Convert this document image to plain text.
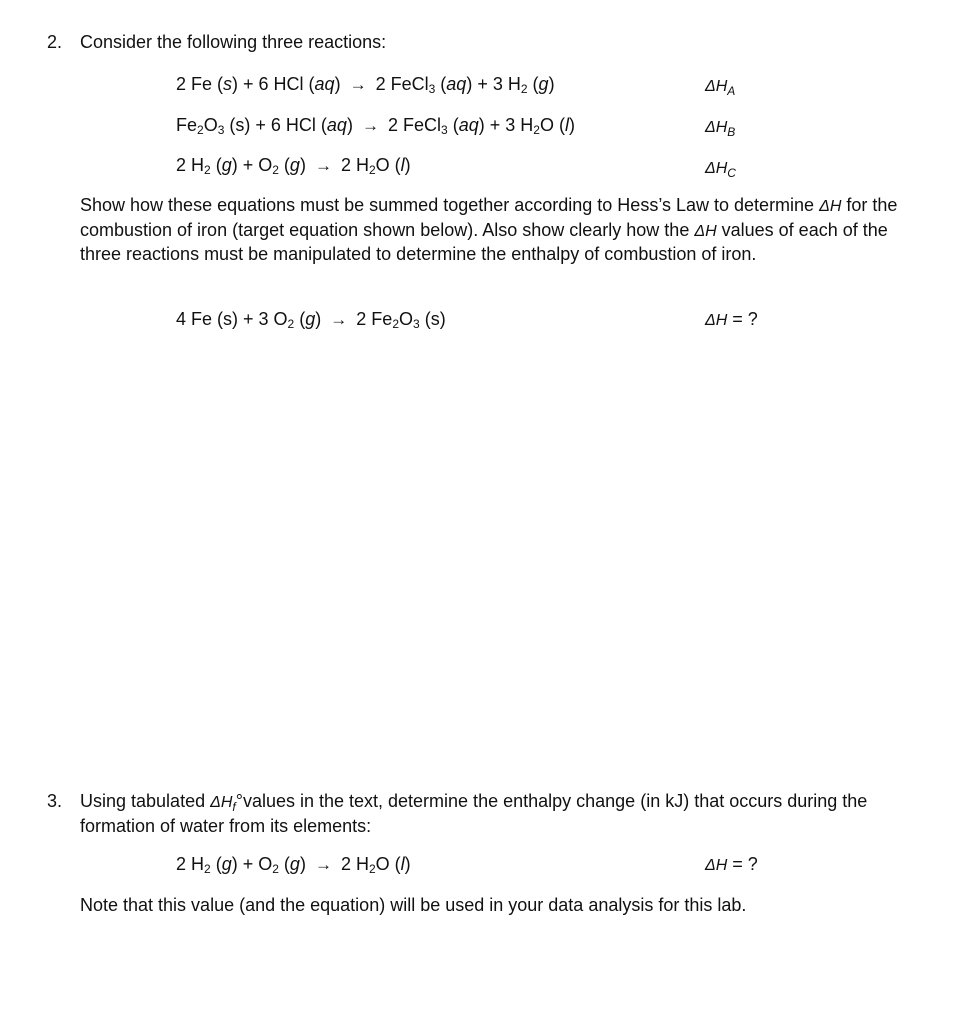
2. Consider the following three reactions:
2 Fe (s) + 6 HCl (aq) → 2 FeCl$_3$ (aq) + 3 $H_2$ (g)	$\Delta H_A$
$Fe_2O_3$ (s) + 6 HCl (aq) → 2 FeCl$_3$ (aq) + 3 $H_2O$ (l)	$\Delta H_B$
2 $H_2$ $(g) + O_2$ (g) → 2 $H_2O$ (l)	$\Delta H_C$
Show how these equations must be summed together according to Hess’s Law to determine ΔH for the combustion of iron (target equation shown below). Also show clearly how the ΔH values of each of the three reactions must be manipulated to determine the enthalpy of combustion of iron.
4 Fe (s) + 3 $O_2$ (g) → 2 $Fe_2O_3$ (s)	ΔH = ?
3. Using tabulated $\Delta H_f^\circ values$ in the text, determine the enthalpy change (in kJ) that occurs during the formation of water from its elements:
2 $H_2$ $(g) + O_2$ (g) → 2 $H_2O$ (l)	ΔH = ?
Note that this value (and the equation) will be used in your data analysis for this lab.
